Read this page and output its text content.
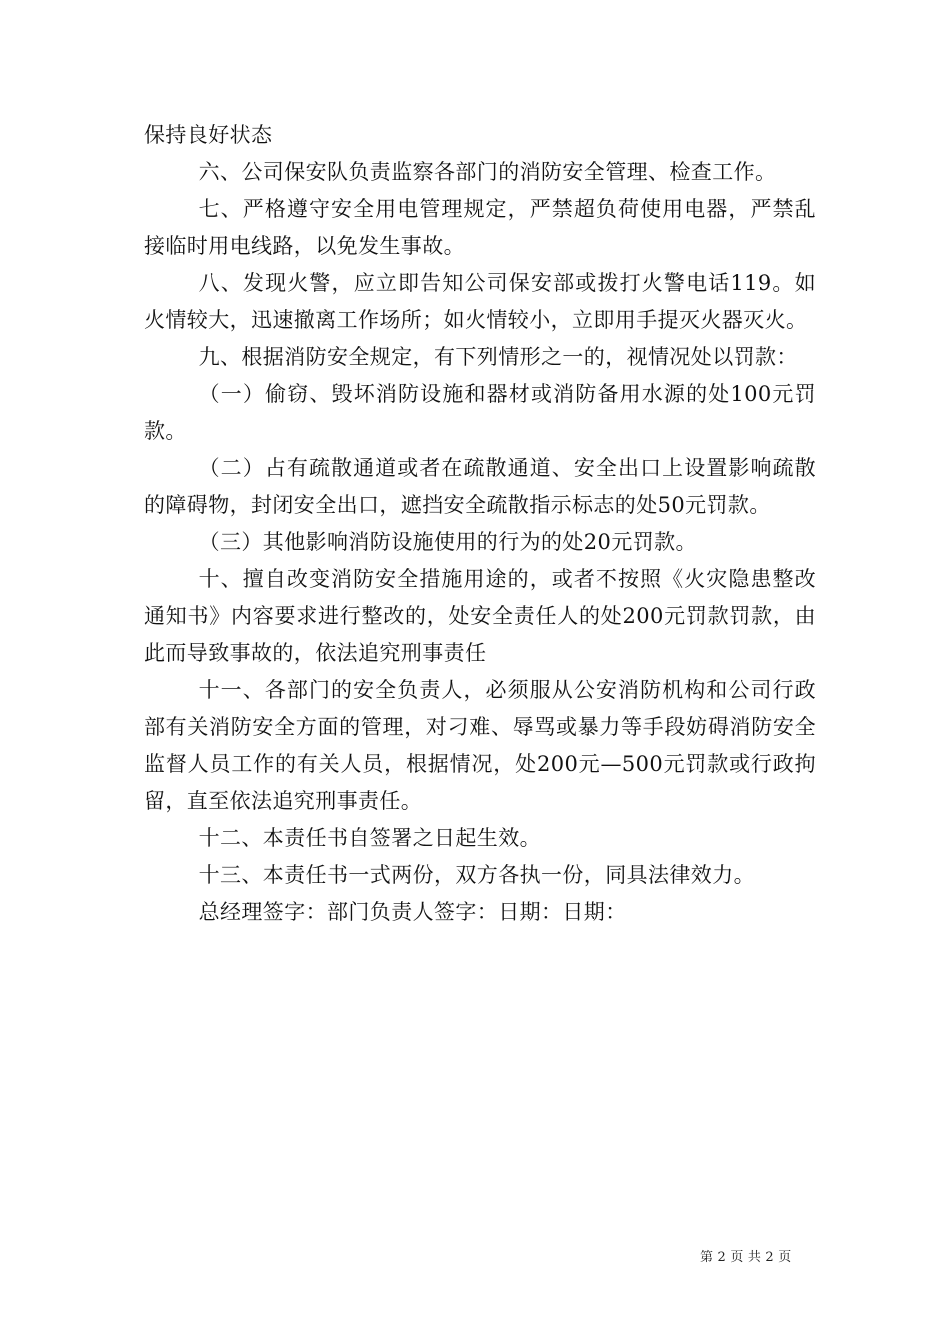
保持良好状态

六、公司保安队负责监察各部门的消防安全管理、检查工作。

七、严格遵守安全用电管理规定，严禁超负荷使用电器，严禁乱接临时用电线路，以免发生事故。

八、发现火警，应立即告知公司保安部或拨打火警电话119。如火情较大，迅速撤离工作场所；如火情较小，立即用手提灭火器灭火。

九、根据消防安全规定，有下列情形之一的，视情况处以罚款：

（一）偷窃、毁坏消防设施和器材或消防备用水源的处100元罚款。

（二）占有疏散通道或者在疏散通道、安全出口上设置影响疏散的障碍物，封闭安全出口，遮挡安全疏散指示标志的处50元罚款。

（三）其他影响消防设施使用的行为的处20元罚款。

十、擅自改变消防安全措施用途的，或者不按照《火灾隐患整改通知书》内容要求进行整改的，处安全责任人的处200元罚款罚款，由此而导致事故的，依法追究刑事责任

十一、各部门的安全负责人，必须服从公安消防机构和公司行政部有关消防安全方面的管理，对刁难、辱骂或暴力等手段妨碍消防安全监督人员工作的有关人员，根据情况，处200元—500元罚款或行政拘留，直至依法追究刑事责任。

十二、本责任书自签署之日起生效。

十三、本责任书一式两份，双方各执一份，同具法律效力。

总经理签字：部门负责人签字：日期：日期：

第 2 页 共 2 页
